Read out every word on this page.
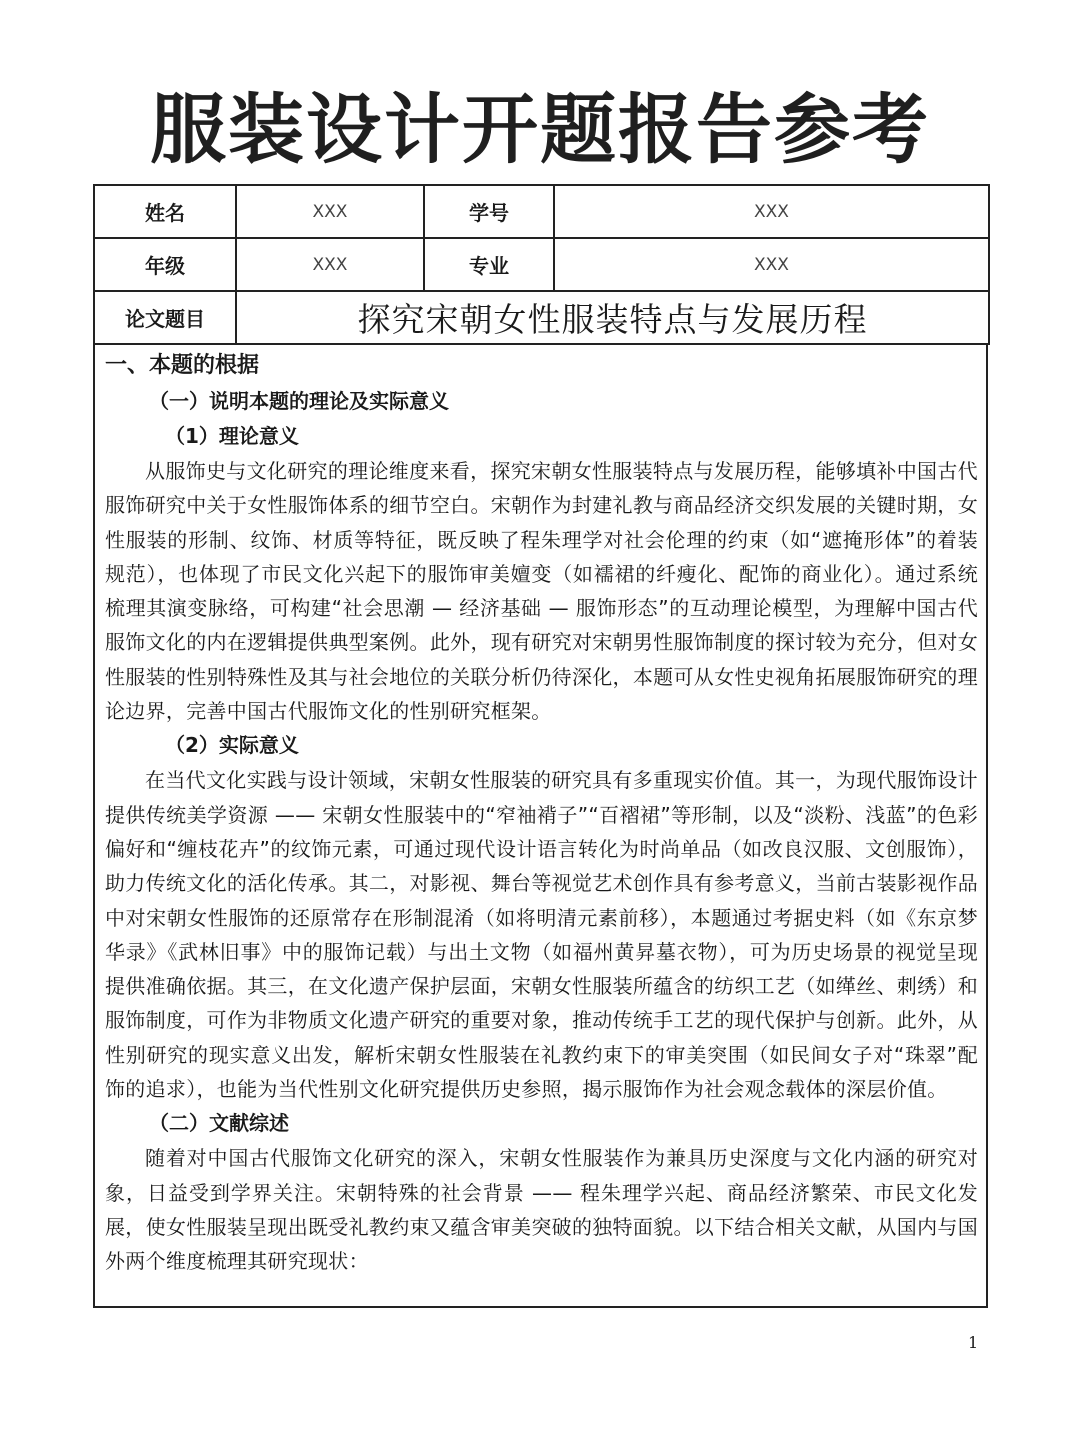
服装设计开题报告参考
姓名	XXX	学号	XXX
年级	XXX	专业	XXX
论文题目	探究宋朝女性服装特点与发展历程		

一、本题的根据

（一）说明本题的理论及实际意义

（1）理论意义

从服饰史与文化研究的理论维度来看，探究宋朝女性服装特点与发展历程，能够填补中国古代服饰研究中关于女性服饰体系的细节空白。宋朝作为封建礼教与商品经济交织发展的关键时期，女性服装的形制、纹饰、材质等特征，既反映了程朱理学对社会伦理的约束（如“遮掩形体”的着装规范），也体现了市民文化兴起下的服饰审美嬗变（如襦裙的纤瘦化、配饰的商业化）。通过系统梳理其演变脉络，可构建“社会思潮 — 经济基础 — 服饰形态”的互动理论模型，为理解中国古代服饰文化的内在逻辑提供典型案例。此外，现有研究对宋朝男性服饰制度的探讨较为充分，但对女性服装的性别特殊性及其与社会地位的关联分析仍待深化，本题可从女性史视角拓展服饰研究的理论边界，完善中国古代服饰文化的性别研究框架。

（2）实际意义

在当代文化实践与设计领域，宋朝女性服装的研究具有多重现实价值。其一，为现代服饰设计提供传统美学资源 —— 宋朝女性服装中的“窄袖褙子”“百褶裙”等形制，以及“淡粉、浅蓝”的色彩偏好和“缠枝花卉”的纹饰元素，可通过现代设计语言转化为时尚单品（如改良汉服、文创服饰），助力传统文化的活化传承。其二，对影视、舞台等视觉艺术创作具有参考意义，当前古装影视作品中对宋朝女性服饰的还原常存在形制混淆（如将明清元素前移），本题通过考据史料（如《东京梦华录》《武林旧事》中的服饰记载）与出土文物（如福州黄昇墓衣物），可为历史场景的视觉呈现提供准确依据。其三，在文化遗产保护层面，宋朝女性服装所蕴含的纺织工艺（如缂丝、刺绣）和服饰制度，可作为非物质文化遗产研究的重要对象，推动传统手工艺的现代保护与创新。此外，从性别研究的现实意义出发，解析宋朝女性服装在礼教约束下的审美突围（如民间女子对“珠翠”配饰的追求），也能为当代性别文化研究提供历史参照，揭示服饰作为社会观念载体的深层价值。

（二）文献综述

随着对中国古代服饰文化研究的深入，宋朝女性服装作为兼具历史深度与文化内涵的研究对象，日益受到学界关注。宋朝特殊的社会背景 —— 程朱理学兴起、商品经济繁荣、市民文化发展，使女性服装呈现出既受礼教约束又蕴含审美突破的独特面貌。以下结合相关文献，从国内与国外两个维度梳理其研究现状：

1
